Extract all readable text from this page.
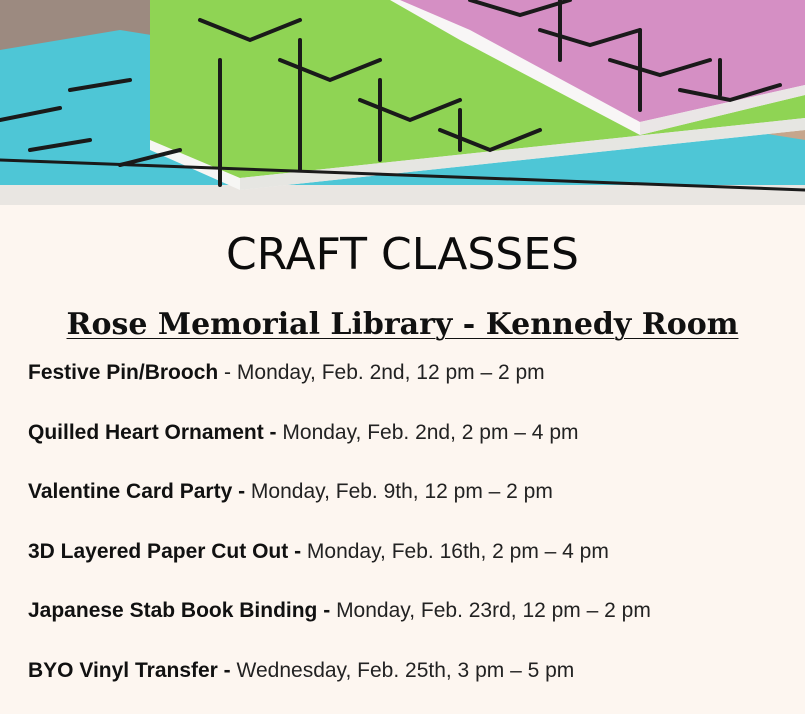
CRAFT CLASSES
Rose Memorial Library - Kennedy Room
Festive Pin/Brooch - Monday, Feb. 2nd, 12 pm – 2 pm
Quilled Heart Ornament - Monday, Feb. 2nd, 2 pm – 4 pm
Valentine Card Party - Monday, Feb. 9th, 12 pm – 2 pm
3D Layered Paper Cut Out - Monday, Feb. 16th, 2 pm – 4 pm
Japanese Stab Book Binding - Monday, Feb. 23rd, 12 pm – 2 pm
BYO Vinyl Transfer - Wednesday, Feb. 25th, 3 pm – 5 pm
